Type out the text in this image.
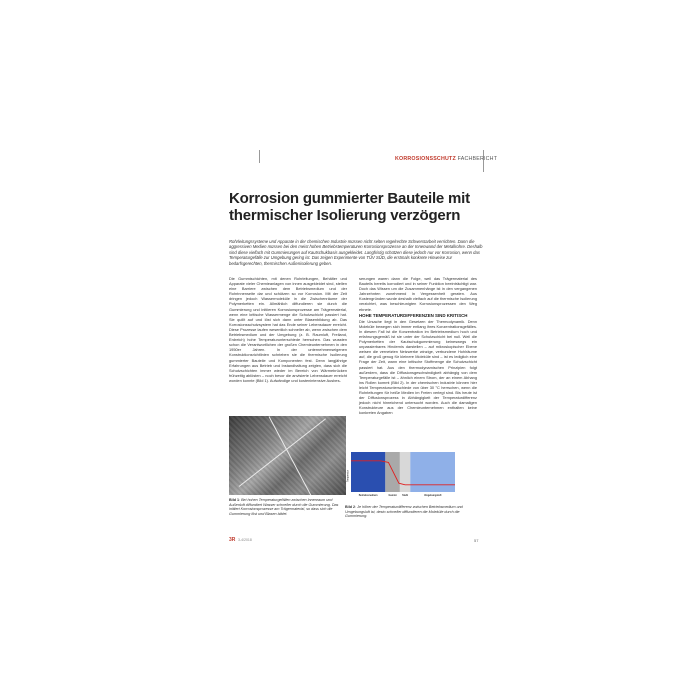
KORROSIONSSCHUTZ FACHBERICHT
Korrosion gummierter Bauteile mit thermischer Isolierung verzögern
Rohrleitungssysteme und Apparate in der chemischen Industrie müssen nicht selten regelrechte Schwerstarbeit verrichten. Dann die aggressiven Medien müssen bei den meist hohen Betriebstemperaturen Korrosionsprozesse an der Innenwand der Metallrohre. Deshalb sind diese vielfach mit Gummierungen auf Kautschukbasis ausgekleidet. Langfristig schützen diese jedoch nur vor Korrosion, wenn das Temperaturgefälle zur Umgebung gering ist. Das zeigen Experimente von TÜV SÜD, die erstmals konkrete Hinweise zur bedarfsgerechten, thermischen Außenisolierung geben.

Die Gummischichten, mit denen Rohrleitungen, Behälter und Apparate vieler Chemieanlagen von innen ausgekleidet sind, stellen eine Barriere zwischen dem Betriebsmedium und der Rohrinnenseite dar und schützen so vor Korrosion. Mit der Zeit dringen jedoch Wassermoleküle in die Zwischenräume der Polymerketten ein. Allmählich diffundieren sie durch die Gummierung und initiieren Korrosionsprozesse am Trägermaterial, wenn eine kritische Wassermenge die Schutzschicht passiert hat. Sie quillt auf und löst sich dann unter Blasenbildung ab. Das Korrosionsschutzsystem hat das Ende seiner Lebensdauer erreicht. Diese Prozesse laufen wesentlich schneller ab, wenn zwischen dem Betriebsmedium und der Umgebung (z. B. Raumluft, Freiland, Erdreich) hohe Temperaturunterschiede herrschen. Das wussten schon die Verantwortlichen der großen Chemieunternehmen in den 1950er Jahren. In der unternehmenseigenen Konstruktionsrichtlinien schrieben sie die thermische Isolierung gummierter Bauteile und Komponenten fest. Denn langjährige Erfahrungen aus Betrieb und Instandhaltung zeigten, dass sich die Schutzschichten immer wieder im Bereich von Wärmebrücken frühzeitig ablösten – noch bevor die anvisierte Lebensdauer erreicht worden konnte (Bild 1). Aufwändige und kostenintensive Ausbes-

serungen waren dann die Folge, weil das Trägermaterial des Bauteils bereits korrodiert und in seiner Funktion beeinträchtigt war. Doch das Wissen um die Zusammenhänge ist in den vergangenen Jahrzehnten zunehmend in Vergessenheit geraten. Aus Kostengründen wurde deshalb vielfach auf die thermische Isolierung verzichtet, was beschleunigten Korrosionsprozessen den Weg ebnete.

HOHE TEMPERATURDIFFERENZEN SIND KRITISCH

Die Ursache liegt in den Gesetzen der Thermodynamik. Denn Moleküle bewegen sich immer entlang ihres Konzentrationsgefälles. In diesem Fall ist die Konzentration im Betriebsmedium hoch und erfahrungsgemäß ist sie unter der Schutzschicht bei null. Weil die Polymerketten der Kautschukgummierung keineswegs ein unpassierbares Hindernis darstellen – auf mikroskopischer Ebene weisen die vernetzten Netzwerke winzige, verbundene Hohlräume auf, die groß genug für kleinere Moleküle sind – ist es lediglich eine Frage der Zeit, wann eine kritische Stoffmenge die Schutzschicht passiert hat. Aus den thermodynamischen Prinzipien folgt außerdem, dass die Diffusionsgeschwindigkeit abhängig von dem Temperaturgefälle ist – ähnlich einem Strom, der an einem Abhang ins Rollen kommt (Bild 2). In der chemischen Industrie können hier leicht Temperaturunterschiede von über 30 °C herrschen, wenn die Rohrleitungen für heiße Medien im Freien verlegt sind. Bis heute ist der Diffusionsprozess in Abhängigkeit der Temperaturdifferenz jedoch nicht hinreichend untersucht worden. Auch die damaligen Konstrukteure aus der Chemieunternehmen enthalten keine konkreten Angaben

Bild 1: Bei hohen Temperaturgefällen zwischen Innenraum und Außenluft diffundiert Wasser schneller durch die Gummierung. Das initiiert Korrosionsprozesse am Trägermaterial, so dass sich die Gummierung löst und Blasen bildet.
Temperatur
Betriebsmedium	Gummi Stahl	Umgebungsluft
Bild 2: Je höher der Temperaturdifferenz zwischen Betriebsmedium und Umgebungsluft ist, desto schneller diffundieren die Moleküle durch die Gummierung.
3R 3-4/2018	57
